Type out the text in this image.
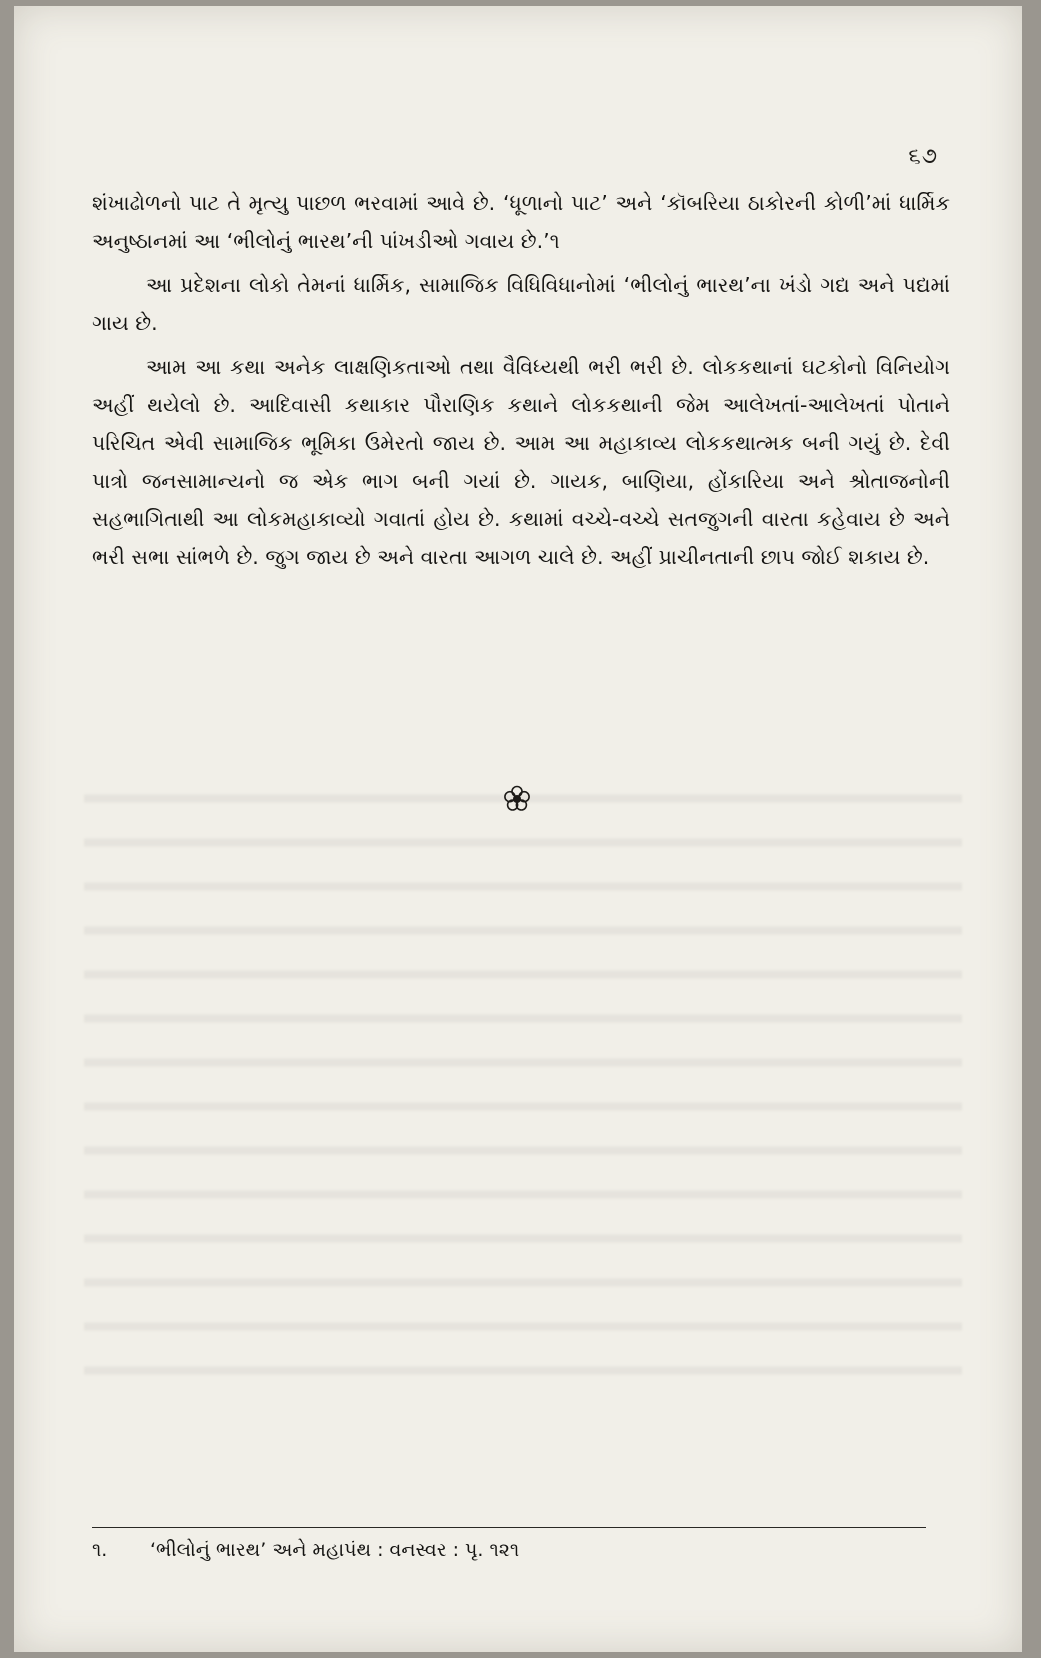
૬૭

શંખાઢોળનો પાટ તે મૃત્યુ પાછળ ભરવામાં આવે છે. ‘ધૂળાનો પાટ’ અને ‘કૉબરિયા ઠાકોરની કોળી’માં ધાર્મિક અનુષ્ઠાનમાં આ ‘ભીલોનું ભારથ’ની પાંખડીઓ ગવાય છે.’૧

આ પ્રદેશના લોકો તેમનાં ધાર્મિક, સામાજિક વિધિવિધાનોમાં ‘ભીલોનું ભારથ’ના ખંડો ગદ્ય અને પદ્યમાં ગાય છે.

આમ આ કથા અનેક લાક્ષણિકતાઓ તથા વૈવિધ્યથી ભરી ભરી છે. લોકકથાનાં ઘટકોનો વિનિયોગ અહીં થયેલો છે. આદિવાસી કથાકાર પૌરાણિક કથાને લોકકથાની જેમ આલેખતાં-આલેખતાં પોતાને પરિચિત એવી સામાજિક ભૂમિકા ઉમેરતો જાય છે. આમ આ મહાકાવ્ય લોકકથાત્મક બની ગયું છે. દેવી પાત્રો જનસામાન્યનો જ એક ભાગ બની ગયાં છે. ગાયક, બાણિયા, હોંકારિયા અને શ્રોતાજનોની સહભાગિતાથી આ લોકમહાકાવ્યો ગવાતાં હોય છે. કથામાં વચ્ચે-વચ્ચે સતજુગની વારતા કહેવાય છે અને ભરી સભા સાંભળે છે. જુગ જાય છે અને વારતા આગળ ચાલે છે. અહીં પ્રાચીનતાની છાપ જોઈ શકાય છે.

૧. ‘ભીલોનું ભારથ’ અને મહાપંથ : વનસ્વર : પૃ. ૧૨૧
